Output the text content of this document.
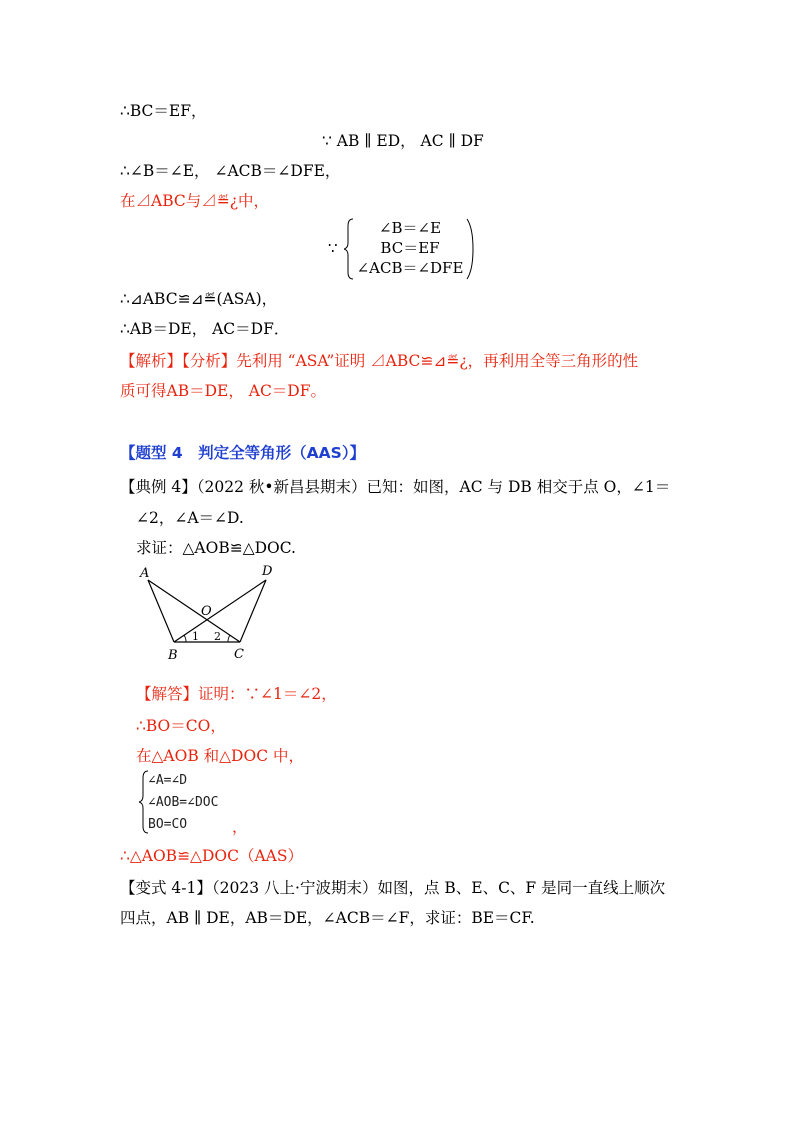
∴BC＝EF，
∵ AB ∥ ED， AC ∥ DF
∴∠B＝∠E， ∠ACB＝∠DFE，
在⊿ABC与⊿≝¿中，
∵
∠B＝∠E
BC＝EF
∠ACB＝∠DFE
∴⊿ABC≌⊿≝(ASA)，
∴AB＝DE， AC＝DF．
【解析】【分析】先利用 “ASA”证明 ⊿ABC≌⊿≝¿，再利用全等三角形的性
质可得AB＝DE， AC＝DF。
【题型 4　判定全等角形（AAS）】
【典例 4】（2022 秋•新昌县期末）已知：如图，AC 与 DB 相交于点 O，∠1＝
∠2，∠A＝∠D.
求证：△AOB≌△DOC.
A	D
O
B	C
1 2
【解答】证明：∵∠1＝∠2，
∴BO＝CO，
在△AOB 和△DOC 中，
∠A=∠D
∠AOB=∠DOC
BO=CO	，
∴△AOB≌△DOC（AAS）
【变式 4-1】（2023 八上·宁波期末）如图，点 B、E、C、F 是同一直线上顺次
四点，AB ∥ DE，AB＝DE，∠ACB＝∠F，求证：BE＝CF.
